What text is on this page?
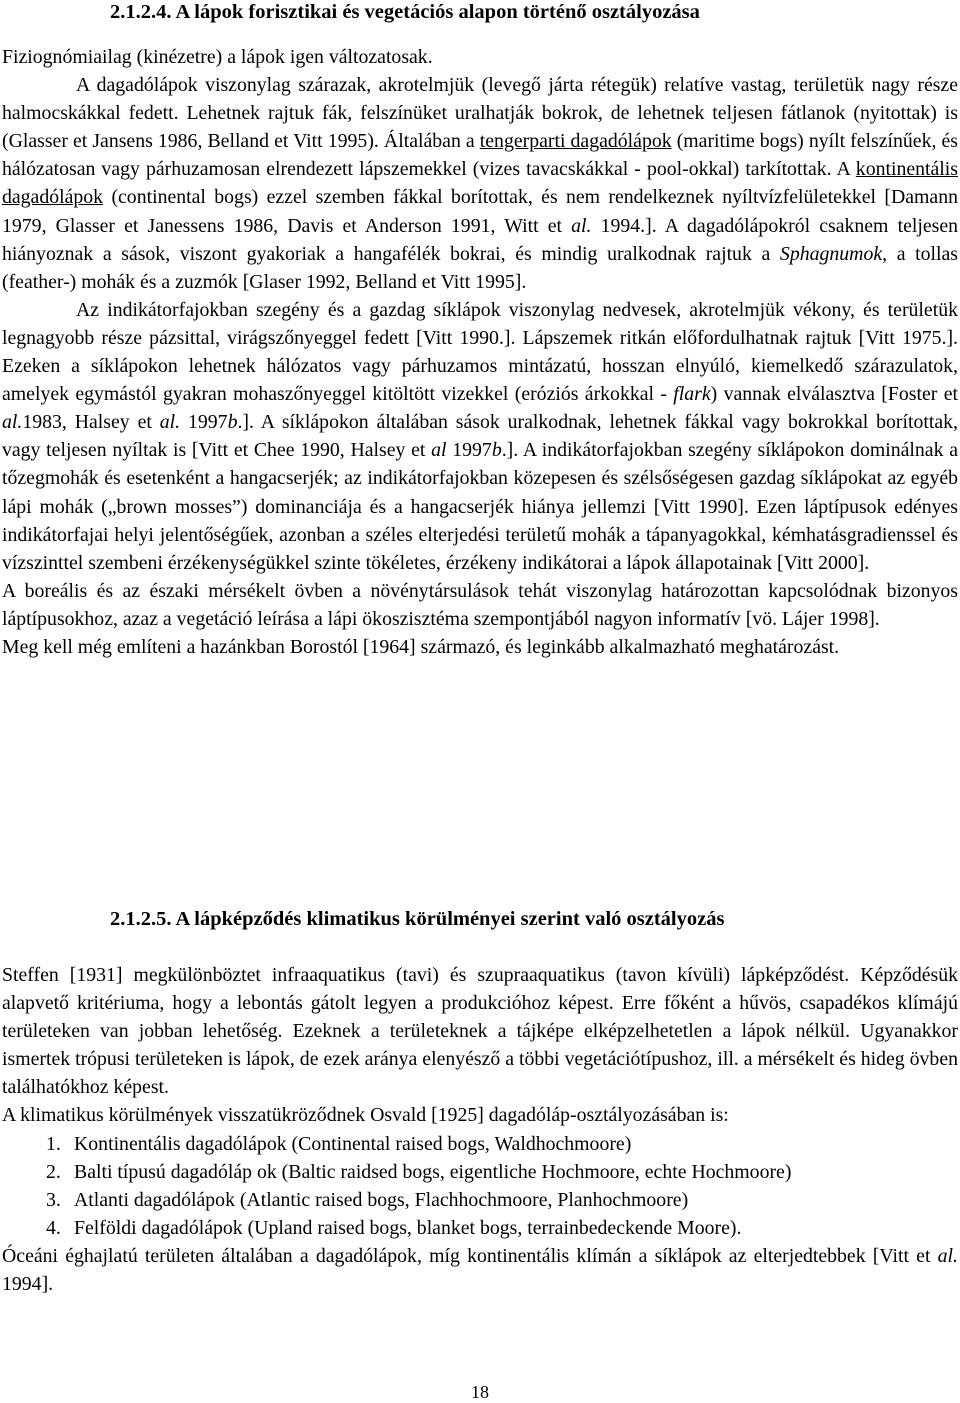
2.1.2.4. A lápok forisztikai és vegetációs alapon történő osztályozása

Fiziognómiailag (kinézetre) a lápok igen változatosak.

A dagadólápok viszonylag szárazak, akrotelmjük (levegő járta rétegük) relatíve vastag, területük nagy része halmocskákkal fedett. Lehetnek rajtuk fák, felszínüket uralhatják bokrok, de lehetnek teljesen fátlanok (nyitottak) is (Glasser et Jansens 1986, Belland et Vitt 1995). Általában a tengerparti dagadólápok (maritime bogs) nyílt felszínűek, és hálózatosan vagy párhuzamosan elrendezett lápszemekkel (vizes tavacskákkal - pool-okkal) tarkítottak. A kontinentális dagadólápok (continental bogs) ezzel szemben fákkal borítottak, és nem rendelkeznek nyíltvízfelületekkel [Damann 1979, Glasser et Janessens 1986, Davis et Anderson 1991, Witt et al. 1994.]. A dagadólápokról csaknem teljesen hiányoznak a sások, viszont gyakoriak a hangafélék bokrai, és mindig uralkodnak rajtuk a Sphagnumok, a tollas (feather-) mohák és a zuzmók [Glaser 1992, Belland et Vitt 1995].

Az indikátorfajokban szegény és a gazdag síklápok viszonylag nedvesek, akrotelmjük vékony, és területük legnagyobb része pázsittal, virágszőnyeggel fedett [Vitt 1990.]. Lápszemek ritkán előfordulhatnak rajtuk [Vitt 1975.]. Ezeken a síklápokon lehetnek hálózatos vagy párhuzamos mintázatú, hosszan elnyúló, kiemelkedő szárazulatok, amelyek egymástól gyakran mohaszőnyeggel kitöltött vizekkel (eróziós árkokkal - flark) vannak elválasztva [Foster et al.1983, Halsey et al. 1997b.]. A síklápokon általában sások uralkodnak, lehetnek fákkal vagy bokrokkal borítottak, vagy teljesen nyíltak is [Vitt et Chee 1990, Halsey et al 1997b.]. A indikátorfajokban szegény síklápokon dominálnak a tőzegmohák és esetenként a hangacserjék; az indikátorfajokban közepesen és szélsőségesen gazdag síklápokat az egyéb lápi mohák („brown mosses”) dominanciája és a hangacserjék hiánya jellemzi [Vitt 1990]. Ezen láptípusok edényes indikátorfajai helyi jelentőségűek, azonban a széles elterjedési területű mohák a tápanyagokkal, kémhatásgradienssel és vízszinttel szembeni érzékenységükkel szinte tökéletes, érzékeny indikátorai a lápok állapotainak [Vitt 2000].

A boreális és az északi mérsékelt övben a növénytársulások tehát viszonylag határozottan kapcsolódnak bizonyos láptípusokhoz, azaz a vegetáció leírása a lápi ökoszisztéma szempontjából nagyon informatív [vö. Lájer 1998].

Meg kell még említeni a hazánkban Borostól [1964] származó, és leginkább alkalmazható meghatározást.

2.1.2.5. A lápképződés klimatikus körülményei szerint való osztályozás

Steffen [1931] megkülönböztet infraaquatikus (tavi) és szupraaquatikus (tavon kívüli) lápképződést. Képződésük alapvető kritériuma, hogy a lebontás gátolt legyen a produkcióhoz képest. Erre főként a hűvös, csapadékos klímájú területeken van jobban lehetőség. Ezeknek a területeknek a tájképe elképzelhetetlen a lápok nélkül. Ugyanakkor ismertek trópusi területeken is lápok, de ezek aránya elenyésző a többi vegetációtípushoz, ill. a mérsékelt és hideg övben találhatókhoz képest.

A klimatikus körülmények visszatükröződnek Osvald [1925] dagadóláp-osztályozásában is:

1. Kontinentális dagadólápok (Continental raised bogs, Waldhochmoore)
2. Balti típusú dagadóláp ok (Baltic raidsed bogs, eigentliche Hochmoore, echte Hochmoore)
3. Atlanti dagadólápok (Atlantic raised bogs, Flachhochmoore, Planhochmoore)
4. Felföldi dagadólápok (Upland raised bogs, blanket bogs, terrainbedeckende Moore).

Óceáni éghajlatú területen általában a dagadólápok, míg kontinentális klímán a síklápok az elterjedtebbek [Vitt et al. 1994].

18
